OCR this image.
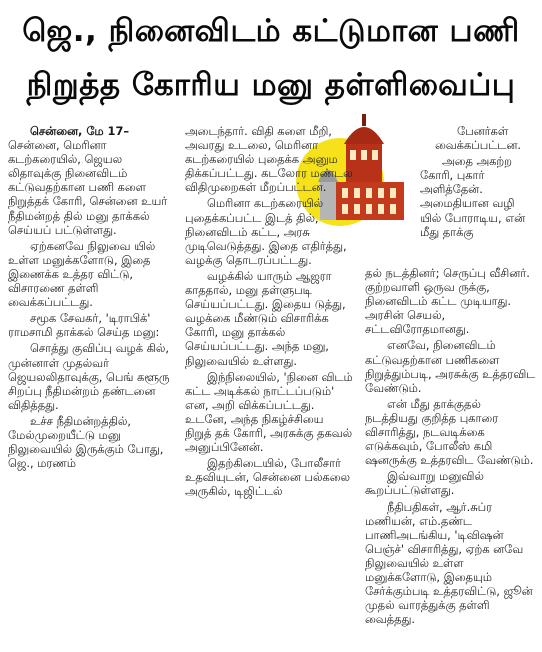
ஜெ., நினைவிடம் கட்டுமான பணி
நிறுத்த கோரிய மனு தள்ளிவைப்பு

சென்னை, மே 17– சென்னை, மெரினா கடற்கரையில், ஜெயல லிதாவுக்கு நினைவிடம் கட்டுவதற்கான பணி களை நிறுத்தக் கோரி, சென்னை உயர் நீதிமன்றத் தில் மனு தாக்கல் செய்யப் பட்டுள்ளது.

ஏற்கனவே நிலுவை யில் உள்ள மனுக்களோடு, இதை இணைக்க உத்தர விட்டு, விசாரணை தள்ளி வைக்கப்பட்டது.

சமூக சேவகர், 'டிராபிக்' ராமசாமி தாக்கல் செய்த மனு:

சொத்து குவிப்பு வழக் கில், முன்னாள் முதல்வர் ஜெயலலிதாவுக்கு, பெங் களூரு சிறப்பு நீதிமன்றம் தண்டனை விதித்தது.

உச்ச நீதிமன்றத்தில், மேல்முறையீட்டு மனு நிலுவையில் இருக்கும் போது, ஜெ., மரணம்

அடைந்தார். விதி களை மீறி, அவரது உடலை, மெரினா கடற்கரையில் புதைக்க அனும திக்கப்பட்டது. கடலோர மண்டல விதிமுறைகள் மீறப்பட்டன.

மெரினா கடற்கரையில் புதைக்கப்பட்ட இடத் தில், நினைவிடம் கட்ட, அரசு முடிவெடுத்தது. இதை எதிர்த்து, வழக்கு தொடரப்பட்டது.

வழக்கில் யாரும் ஆஜரா காததால், மனு தள்ளுபடி செய்யப்பட்டது. இதைய டுத்து, வழக்கை மீண்டும் விசாரிக்க கோரி, மனு தாக்கல் செய்யப்பட்டது. அந்த மனு, நிலுவையில் உள்ளது.

இந்நிலையில், 'நினை விடம் கட்ட அடிக்கல் நாட்டப்படும்' என, அறி விக்கப்பட்டது. உடனே, அந்த நிகழ்ச்சியை நிறுத் தக் கோரி, அரசுக்கு தகவல் அனுப்பினேன்.

இதற்கிடையில், போலீசார் உதவியுடன், சென்னை பல்கலை அருகில், டிஜிட்டல்

பேனர்கள் வைக்கப்பட்டன.

அதை அகற்ற கோரி, புகார் அளித்தேன். அமைதியான வழி யில் போராடிய, என் மீது தாக்கு

தல் நடத்தினர்; செருப்பு வீசினர். குற்றவாளி ஒருவ ருக்கு, நினைவிடம் கட்ட முடியாது. அரசின் செயல், சட்டவிரோதமானது.

எனவே, நினைவிடம் கட்டுவதற்கான பணிகளை நிறுத்தும்படி, அரசுக்கு உத்தரவிட வேண்டும்.

என் மீது தாக்குதல் நடத்தியது குறித்த புகாரை விசாரித்து, நடவடிக்கை எடுக்கவும், போலீஸ் கமி ஷனருக்கு உத்தரவிட வேண்டும்.

இவ்வாறு மனுவில் கூறப்பட்டுள்ளது.

நீதிபதிகள், ஆர்.சுப்ர மணியன், எம்.தண்ட பாணிஅடங்கிய, 'டிவிஷன் பெஞ்ச்' விசாரித்து, ஏற்க னவே நிலுவையில் உள்ள மனுக்களோடு, இதையும் சேர்க்கும்படி உத்தரவிட்டு, ஜூன் முதல் வாரத்துக்கு தள்ளி வைத்தது.
